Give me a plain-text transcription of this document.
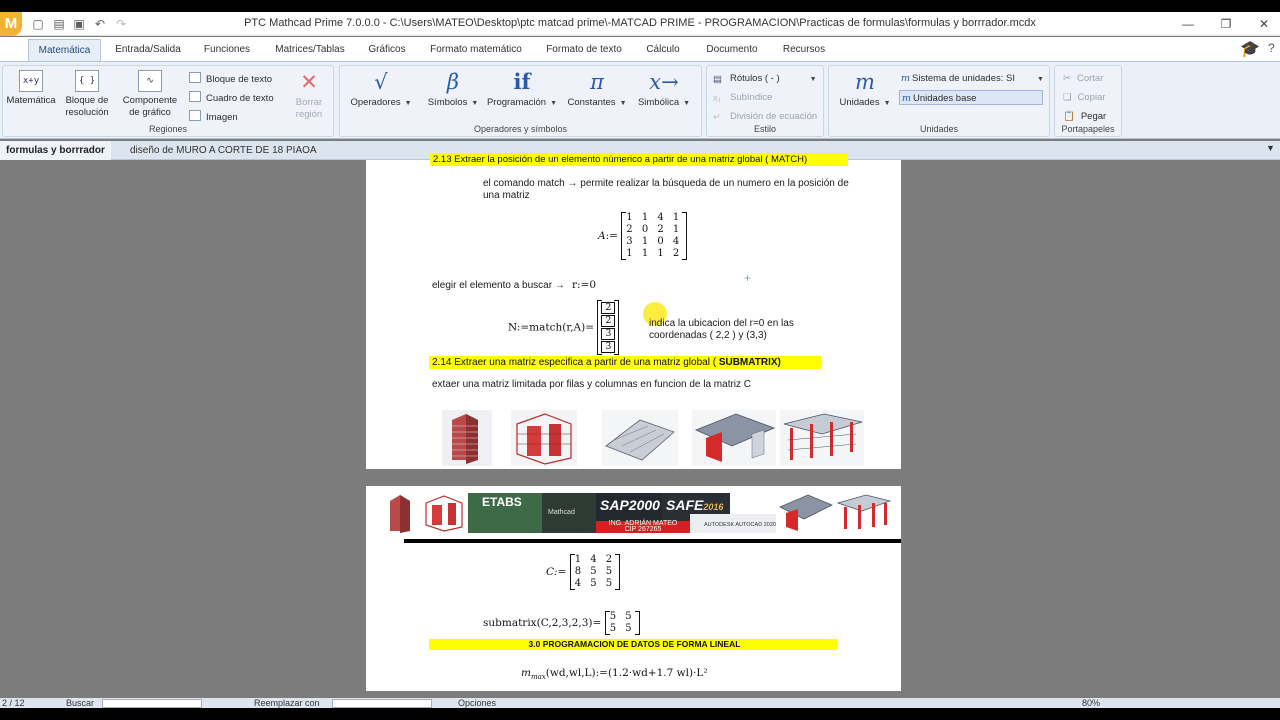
M	▢ ▤ ▣ ↶ ↷	PTC Mathcad Prime 7.0.0.0 - C:\Users\MATEO\Desktop\ptc matcad prime\-MATCAD PRIME - PROGRAMACION\Practicas de formulas\formulas y borrrador.mcdx	—	❐	✕
Matemática	Entrada/Salida	Funciones	Matrices/Tablas	Gráficos	Formato matemático	Formato de texto	Cálculo	Documento	Recursos	🎓 ?
x+y
Matemática
{ }
Bloque de
resolución
∿
Componente
de gráfico
Bloque de texto
Cuadro de texto
Imagen
✕
Borrar
región
Regiones
√
Operadores ▼
β
Símbolos ▼
if
Programación ▼
π
Constantes ▼
x→
Simbólica ▼
Operadores y símbolos
▤ Rótulos ( - )	▼
x₁ Subíndice
↵ División de ecuación
Estilo
m
Unidades ▼
m Sistema de unidades: SI	▼
m Unidades base
Unidades
✂ Cortar
❏ Copiar
📋 Pegar
Portapapeles
formulas y borrrador	diseño de MURO A CORTE DE 18 PIAOA	▼
2.13 Extraer la posición de un elemento númerico a partir de una matriz global ( MATCH)
el comando match → permite realizar la búsqueda de un numero en la posición de una matriz
A:=
1 1 4 1
2 0 2 1
3 1 0 4
1 1 1 2
+
elegir el elemento a buscar → r:=0
N:=match(r,A)=
2
2
3
3
indica la ubicacion del r=0 en las coordenadas ( 2,2 ) y (3,3)
2.14 Extraer una matriz especifica a partir de una matriz global ( SUBMATRIX)
extaer una matriz limitada por filas y columnas en funcion de la matriz C
ETABS
Mathcad	SAP2000 SAFE2016
ING. ADRIÁN MATEO
CIP 267265
AUTODESK AUTOCAD 2020
C:=
1 4 2
8 5 5
4 5 5
submatrix(C,2,3,2,3)=
5 5
5 5
3.0 PROGRAMACION DE DATOS DE FORMA LINEAL
$m_{max}(wd,wl,L):=(1.2\cdot wd+1.7$ wl)·L²
2 / 12	Buscar	Reemplazar con	Opciones	80%
